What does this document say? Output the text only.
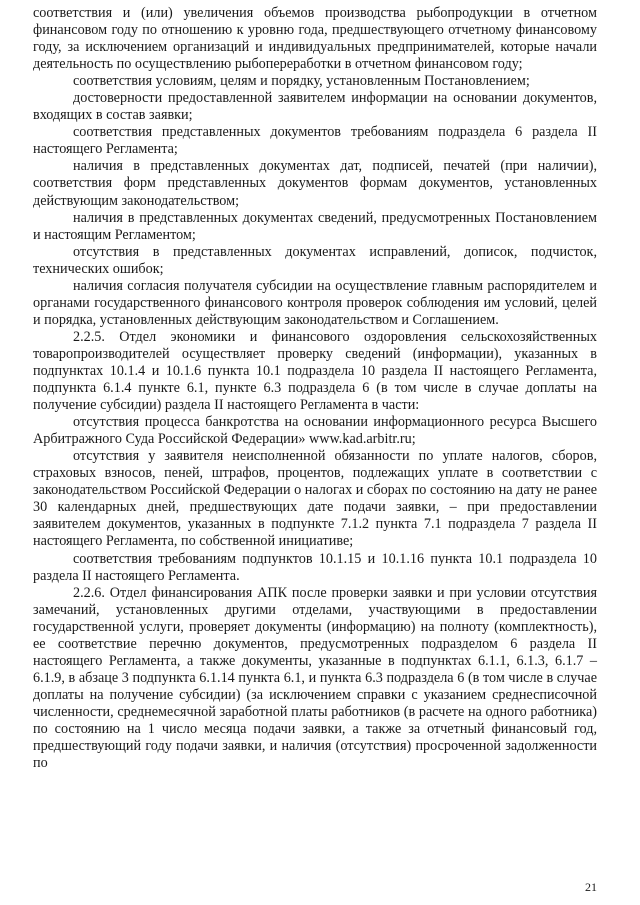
соответствия и (или) увеличения объемов производства рыбопродукции в отчетном финансовом году по отношению к уровню года, предшествующего отчетному финансовому году, за исключением организаций и индивидуальных предпринимателей, которые начали деятельность по осуществлению рыбопереработки в отчетном финансовом году;

соответствия условиям, целям и порядку, установленным Постановлением;

достоверности предоставленной заявителем информации на основании документов, входящих в состав заявки;

соответствия представленных документов требованиям подраздела 6 раздела II настоящего Регламента;

наличия в представленных документах дат, подписей, печатей (при наличии), соответствия форм представленных документов формам документов, установленных действующим законодательством;

наличия в представленных документах сведений, предусмотренных Постановлением и настоящим Регламентом;

отсутствия в представленных документах исправлений, дописок, подчисток, технических ошибок;

наличия согласия получателя субсидии на осуществление главным распорядителем и органами государственного финансового контроля проверок соблюдения им условий, целей и порядка, установленных действующим законодательством и Соглашением.

2.2.5. Отдел экономики и финансового оздоровления сельскохозяйственных товаропроизводителей осуществляет проверку сведений (информации), указанных в подпунктах 10.1.4 и 10.1.6 пункта 10.1 подраздела 10 раздела II настоящего Регламента, подпункта 6.1.4 пункте 6.1, пункте 6.3 подраздела 6 (в том числе в случае доплаты на получение субсидии) раздела II настоящего Регламента в части:

отсутствия процесса банкротства на основании информационного ресурса Высшего Арбитражного Суда Российской Федерации» www.kad.arbitr.ru;

отсутствия у заявителя неисполненной обязанности по уплате налогов, сборов, страховых взносов, пеней, штрафов, процентов, подлежащих уплате в соответствии с законодательством Российской Федерации о налогах и сборах по состоянию на дату не ранее 30 календарных дней, предшествующих дате подачи заявки, – при предоставлении заявителем документов, указанных в подпункте 7.1.2 пункта 7.1 подраздела 7 раздела II настоящего Регламента, по собственной инициативе;

соответствия требованиям подпунктов 10.1.15 и 10.1.16 пункта 10.1 подраздела 10 раздела II настоящего Регламента.

2.2.6. Отдел финансирования АПК после проверки заявки и при условии отсутствия замечаний, установленных другими отделами, участвующими в предоставлении государственной услуги, проверяет документы (информацию) на полноту (комплектность), ее соответствие перечню документов, предусмотренных подразделом 6 раздела II настоящего Регламента, а также документы, указанные в подпунктах 6.1.1, 6.1.3, 6.1.7 – 6.1.9, в абзаце 3 подпункта 6.1.14 пункта 6.1, и пункта 6.3 подраздела 6 (в том числе в случае доплаты на получение субсидии) (за исключением справки с указанием среднесписочной численности, среднемесячной заработной платы работников (в расчете на одного работника) по состоянию на 1 число месяца подачи заявки, а также за отчетный финансовый год, предшествующий году подачи заявки, и наличия (отсутствия) просроченной задолженности по

21
